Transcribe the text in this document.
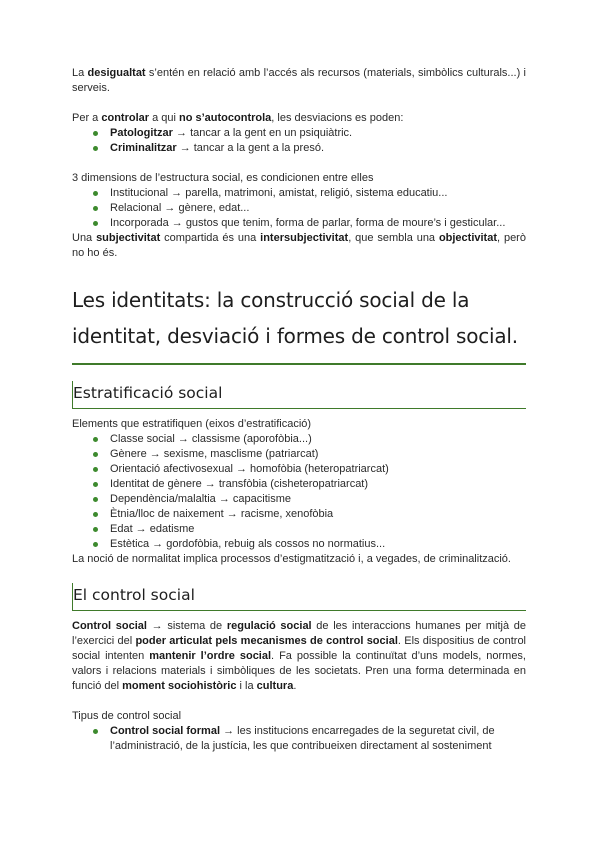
La desigualtat s’entén en relació amb l’accés als recursos (materials, simbòlics culturals...) i serveis.

Per a controlar a qui no s’autocontrola, les desviacions es poden:

Patologitzar → tancar a la gent en un psiquiàtric.
Criminalitzar → tancar a la gent a la presó.

3 dimensions de l’estructura social, es condicionen entre elles

Institucional → parella, matrimoni, amistat, religió, sistema educatiu...
Relacional → gènere, edat...
Incorporada → gustos que tenim, forma de parlar, forma de moure’s i gesticular...

Una subjectivitat compartida és una intersubjectivitat, que sembla una objectivitat, però no ho és.

Les identitats: la construcció social de la identitat, desviació i formes de control social.
Estratificació social

Elements que estratifiquen (eixos d’estratificació)

Classe social → classisme (aporofòbia...)
Gènere → sexisme, masclisme (patriarcat)
Orientació afectivosexual → homofòbia (heteropatriarcat)
Identitat de gènere → transfòbia (cisheteropatriarcat)
Dependència/malaltia → capacitisme
Ètnia/lloc de naixement → racisme, xenofòbia
Edat → edatisme
Estètica → gordofòbia, rebuig als cossos no normatius...

La noció de normalitat implica processos d’estigmatització i, a vegades, de criminalització.

El control social

Control social → sistema de regulació social de les interaccions humanes per mitjà de l’exercici del poder articulat pels mecanismes de control social. Els dispositius de control social intenten mantenir l’ordre social. Fa possible la continuïtat d’uns models, normes, valors i relacions materials i simbòliques de les societats. Pren una forma determinada en funció del moment sociohistòric i la cultura.

Tipus de control social

Control social formal → les institucions encarregades de la seguretat civil, de l’administració, de la justícia, les que contribueixen directament al sosteniment
